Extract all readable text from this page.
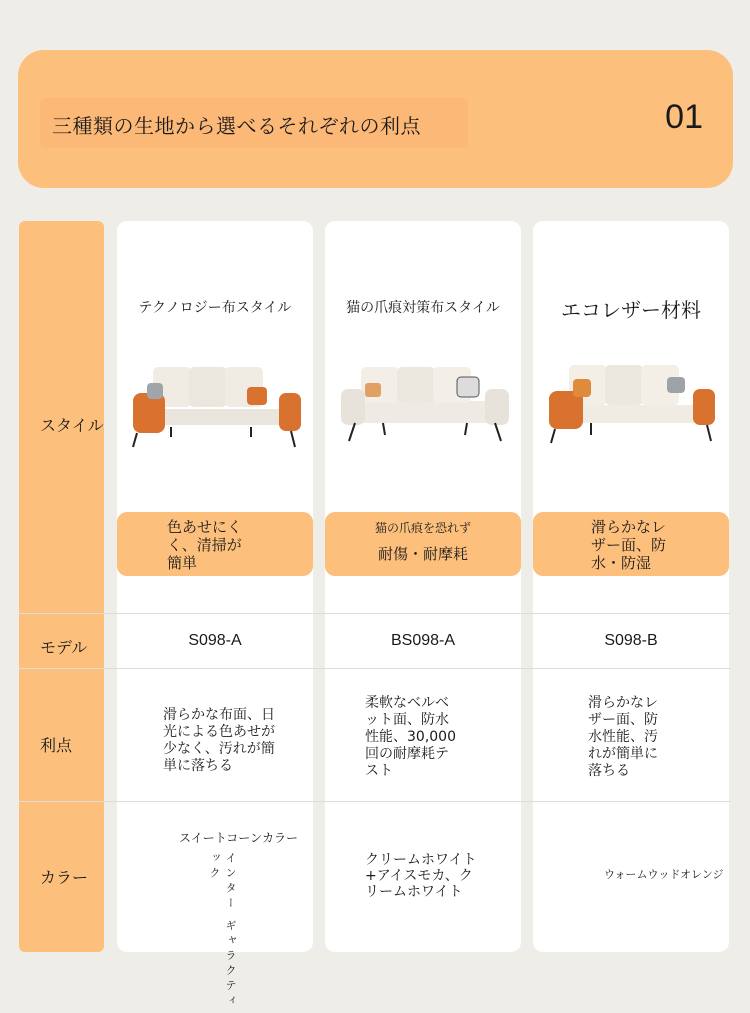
三種類の生地から選べるそれぞれの利点	01
スタイル
モデル
利点
カラー
テクノロジー布スタイル
色あせにく
く、清掃が
簡単
S098-A
滑らかな布面、日
光による色あせが
少なく、汚れが簡
単に落ちる
スイートコーンカラー
インター ギャラクティック
猫の爪痕対策布スタイル
猫の爪痕を恐れず
耐傷・耐摩耗
BS098-A
柔軟なベルベ
ット面、防水
性能、30,000
回の耐摩耗テ
スト
クリームホワイト
+アイスモカ、ク
リームホワイト
エコレザー材料
滑らかなレ
ザー面、防
水・防湿
S098-B
滑らかなレ
ザー面、防
水性能、汚
れが簡単に
落ちる
ウォームウッドオレンジ
